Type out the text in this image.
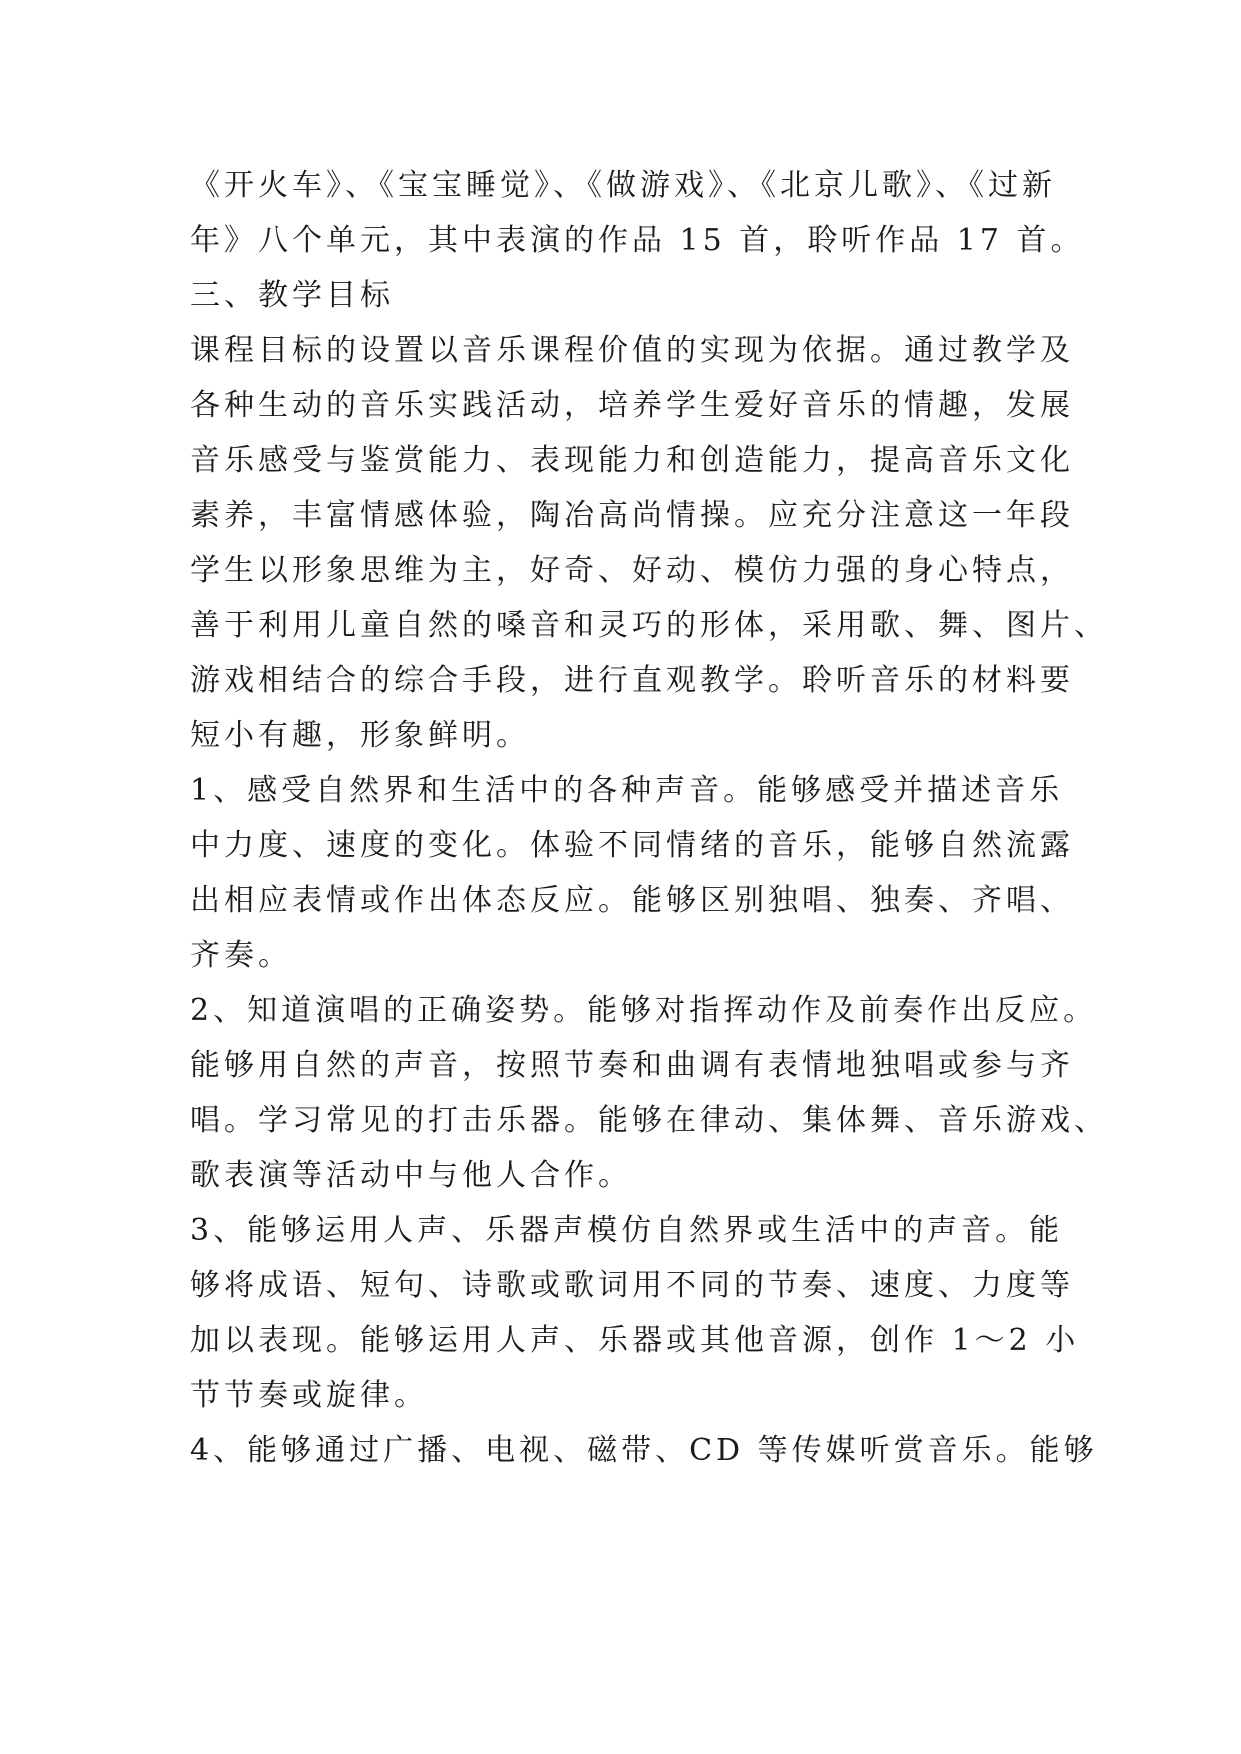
《开火车》、《宝宝睡觉》、《做游戏》、《北京儿歌》、《过新
年》八个单元，其中表演的作品 15 首，聆听作品 17 首。
三、教学目标
课程目标的设置以音乐课程价值的实现为依据。通过教学及
各种生动的音乐实践活动，培养学生爱好音乐的情趣，发展
音乐感受与鉴赏能力、表现能力和创造能力，提高音乐文化
素养，丰富情感体验，陶冶高尚情操。应充分注意这一年段
学生以形象思维为主，好奇、好动、模仿力强的身心特点，
善于利用儿童自然的嗓音和灵巧的形体，采用歌、舞、图片、
游戏相结合的综合手段，进行直观教学。聆听音乐的材料要
短小有趣，形象鲜明。
1、感受自然界和生活中的各种声音。能够感受并描述音乐
中力度、速度的变化。体验不同情绪的音乐，能够自然流露
出相应表情或作出体态反应。能够区别独唱、独奏、齐唱、
齐奏。
2、知道演唱的正确姿势。能够对指挥动作及前奏作出反应。
能够用自然的声音，按照节奏和曲调有表情地独唱或参与齐
唱。学习常见的打击乐器。能够在律动、集体舞、音乐游戏、
歌表演等活动中与他人合作。
3、能够运用人声、乐器声模仿自然界或生活中的声音。能
够将成语、短句、诗歌或歌词用不同的节奏、速度、力度等
加以表现。能够运用人声、乐器或其他音源，创作 1～2 小
节节奏或旋律。
4、能够通过广播、电视、磁带、CD 等传媒听赏音乐。能够
